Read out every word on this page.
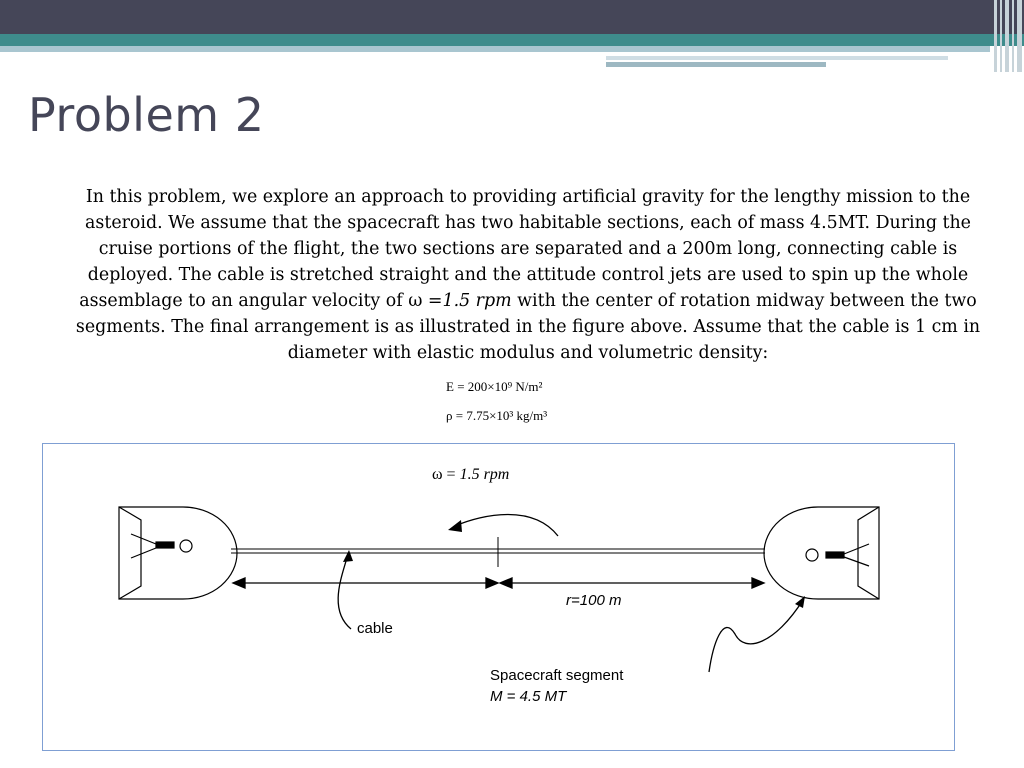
Problem 2

In this problem, we explore an approach to providing artificial gravity for the lengthy mission to the asteroid. We assume that the spacecraft has two habitable sections, each of mass 4.5MT. During the cruise portions of the flight, the two sections are separated and a 200m long, connecting cable is deployed. The cable is stretched straight and the attitude control jets are used to spin up the whole assemblage to an angular velocity of ω =1.5 rpm with the center of rotation midway between the two segments. The final arrangement is as illustrated in the figure above. Assume that the cable is 1 cm in diameter with elastic modulus and volumetric density:

E = 200×10⁹ N/m²
ρ = 7.75×10³ kg/m³
ω = 1.5 rpm
r=100 m
cable
Spacecraft segment
M = 4.5 MT
